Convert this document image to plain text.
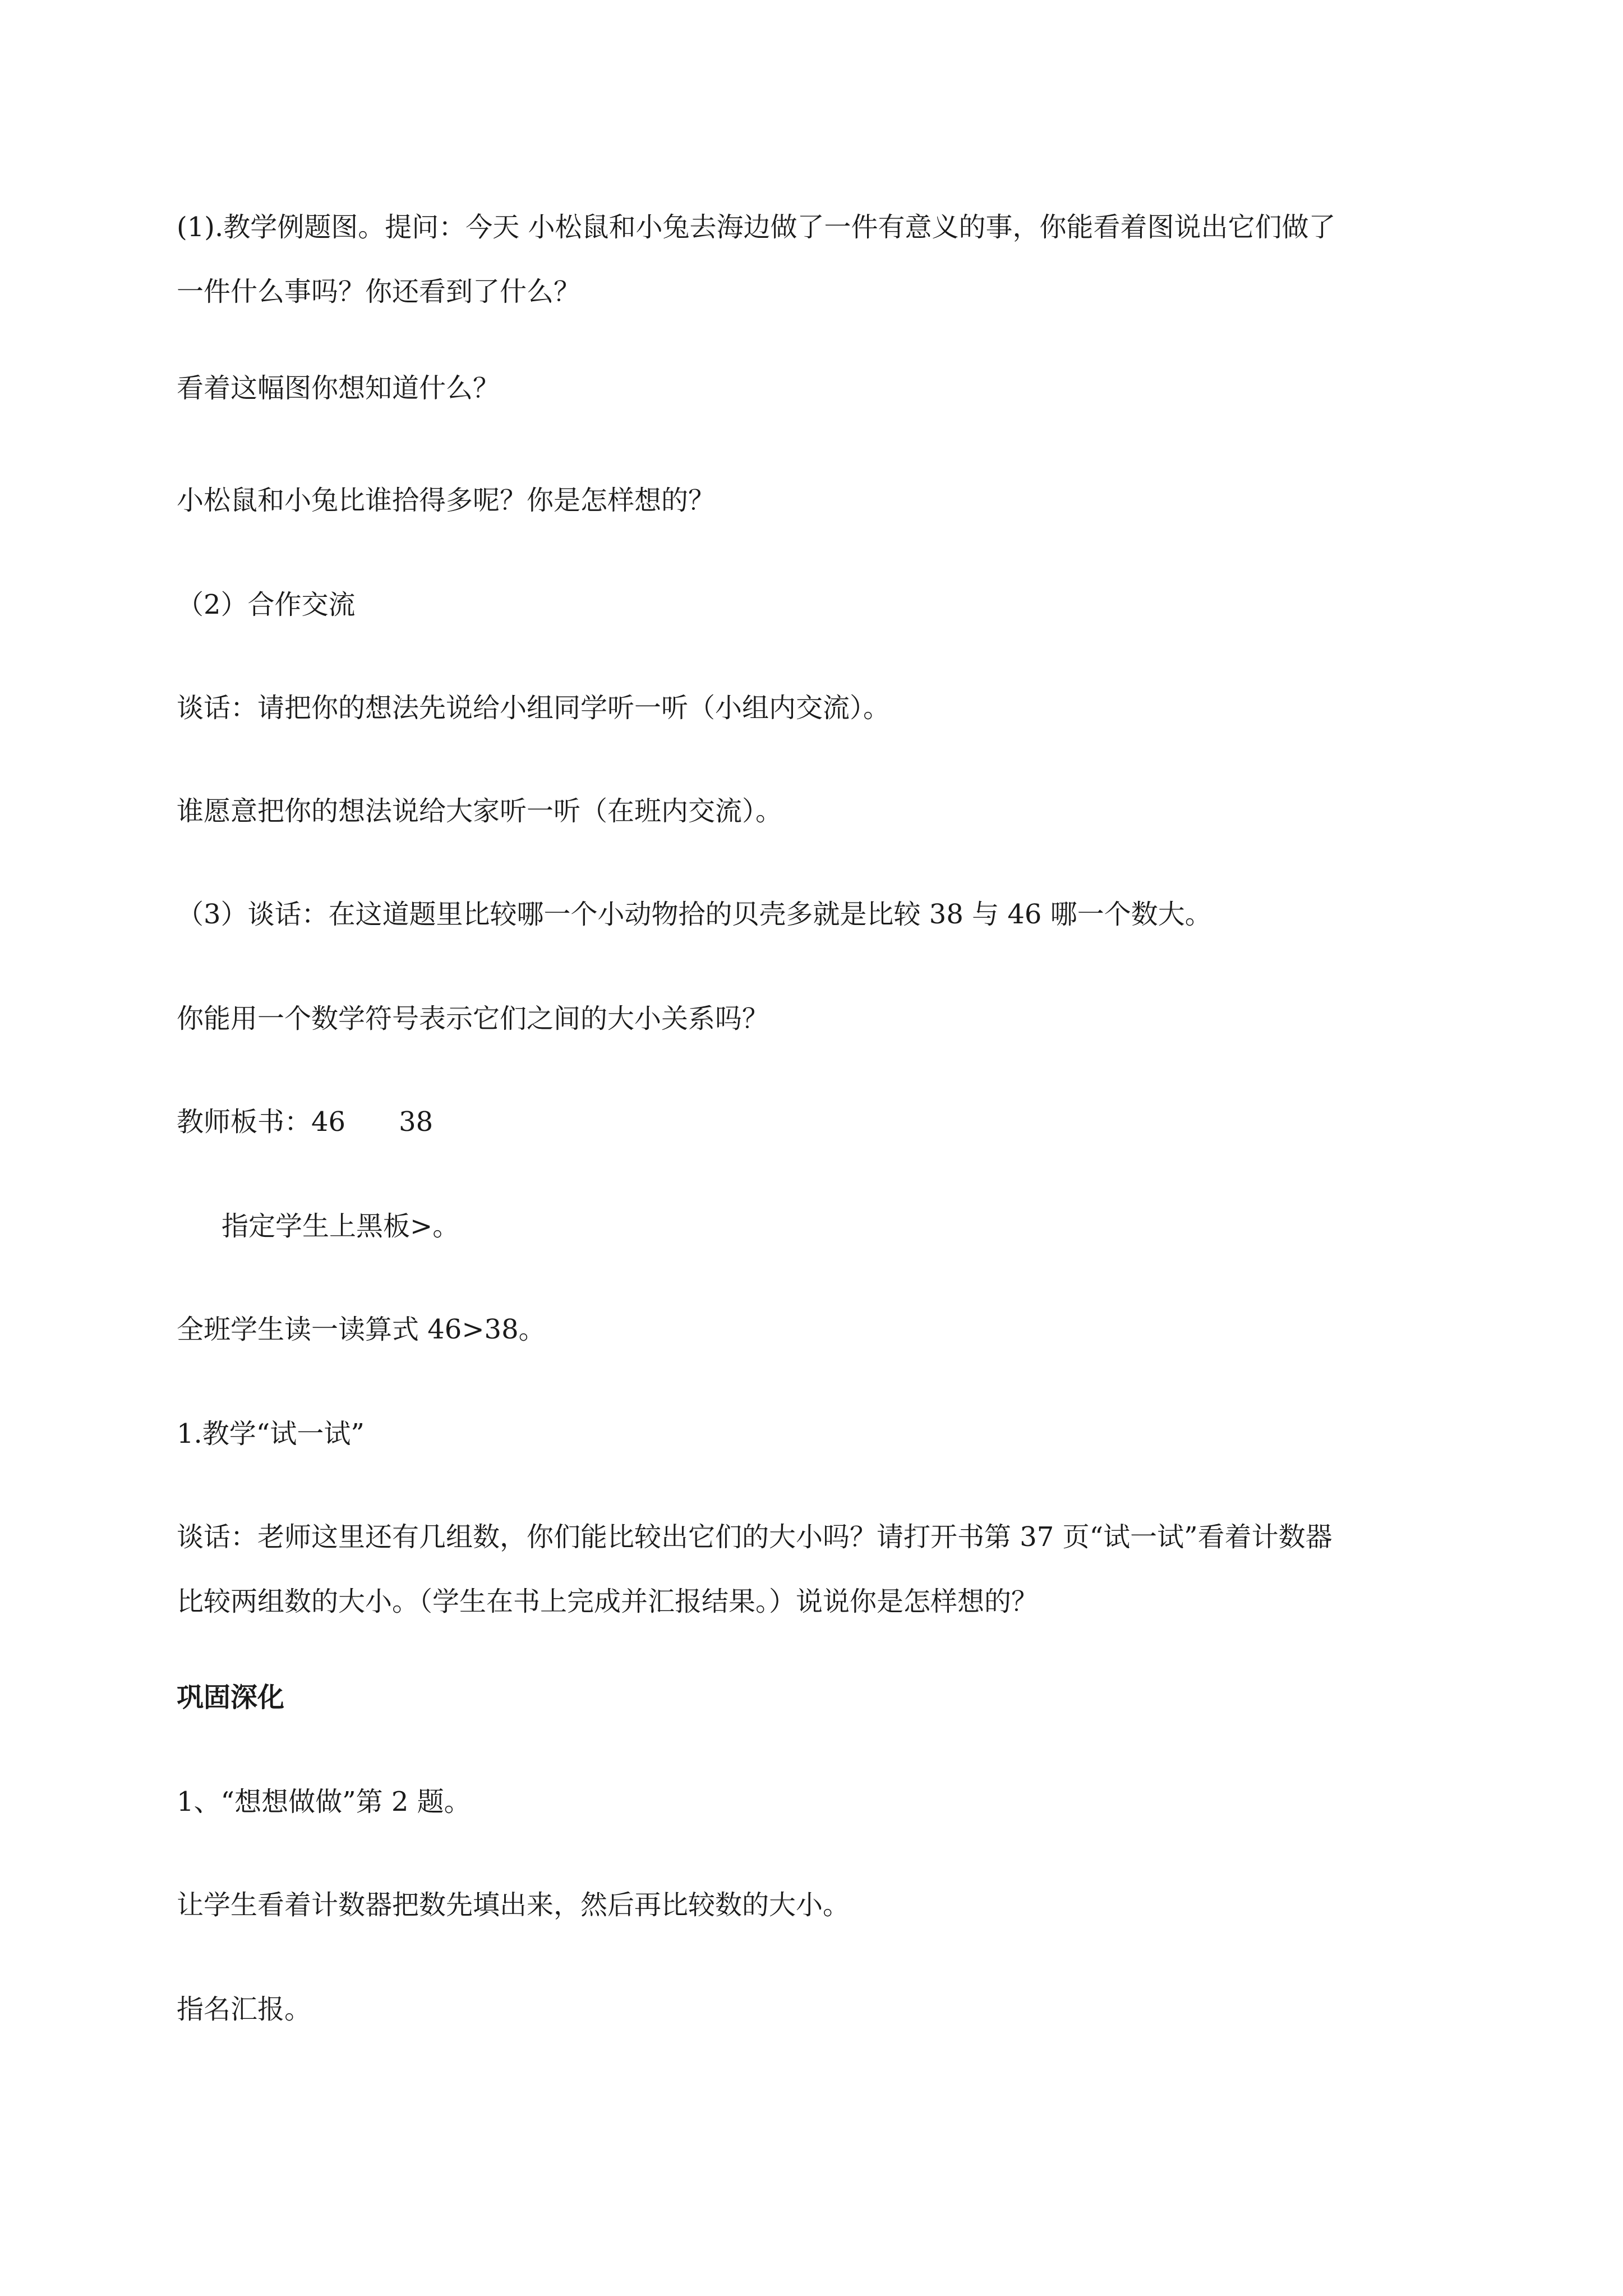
(1).教学例题图。提问：今天 小松鼠和小兔去海边做了一件有意义的事，你能看着图说出它们做了
一件什么事吗？你还看到了什么？
看着这幅图你想知道什么？
小松鼠和小兔比谁拾得多呢？你是怎样想的？
（2）合作交流
谈话：请把你的想法先说给小组同学听一听（小组内交流）。
谁愿意把你的想法说给大家听一听（在班内交流）。
（3）谈话：在这道题里比较哪一个小动物拾的贝壳多就是比较 38 与 46 哪一个数大。
你能用一个数学符号表示它们之间的大小关系吗？
教师板书：46 38
指定学生上黑板>。
全班学生读一读算式 46>38。
1.教学“试一试”
谈话：老师这里还有几组数，你们能比较出它们的大小吗？请打开书第 37 页“试一试”看着计数器
比较两组数的大小。（学生在书上完成并汇报结果。）说说你是怎样想的？
巩固深化
1、“想想做做”第 2 题。
让学生看着计数器把数先填出来，然后再比较数的大小。
指名汇报。
